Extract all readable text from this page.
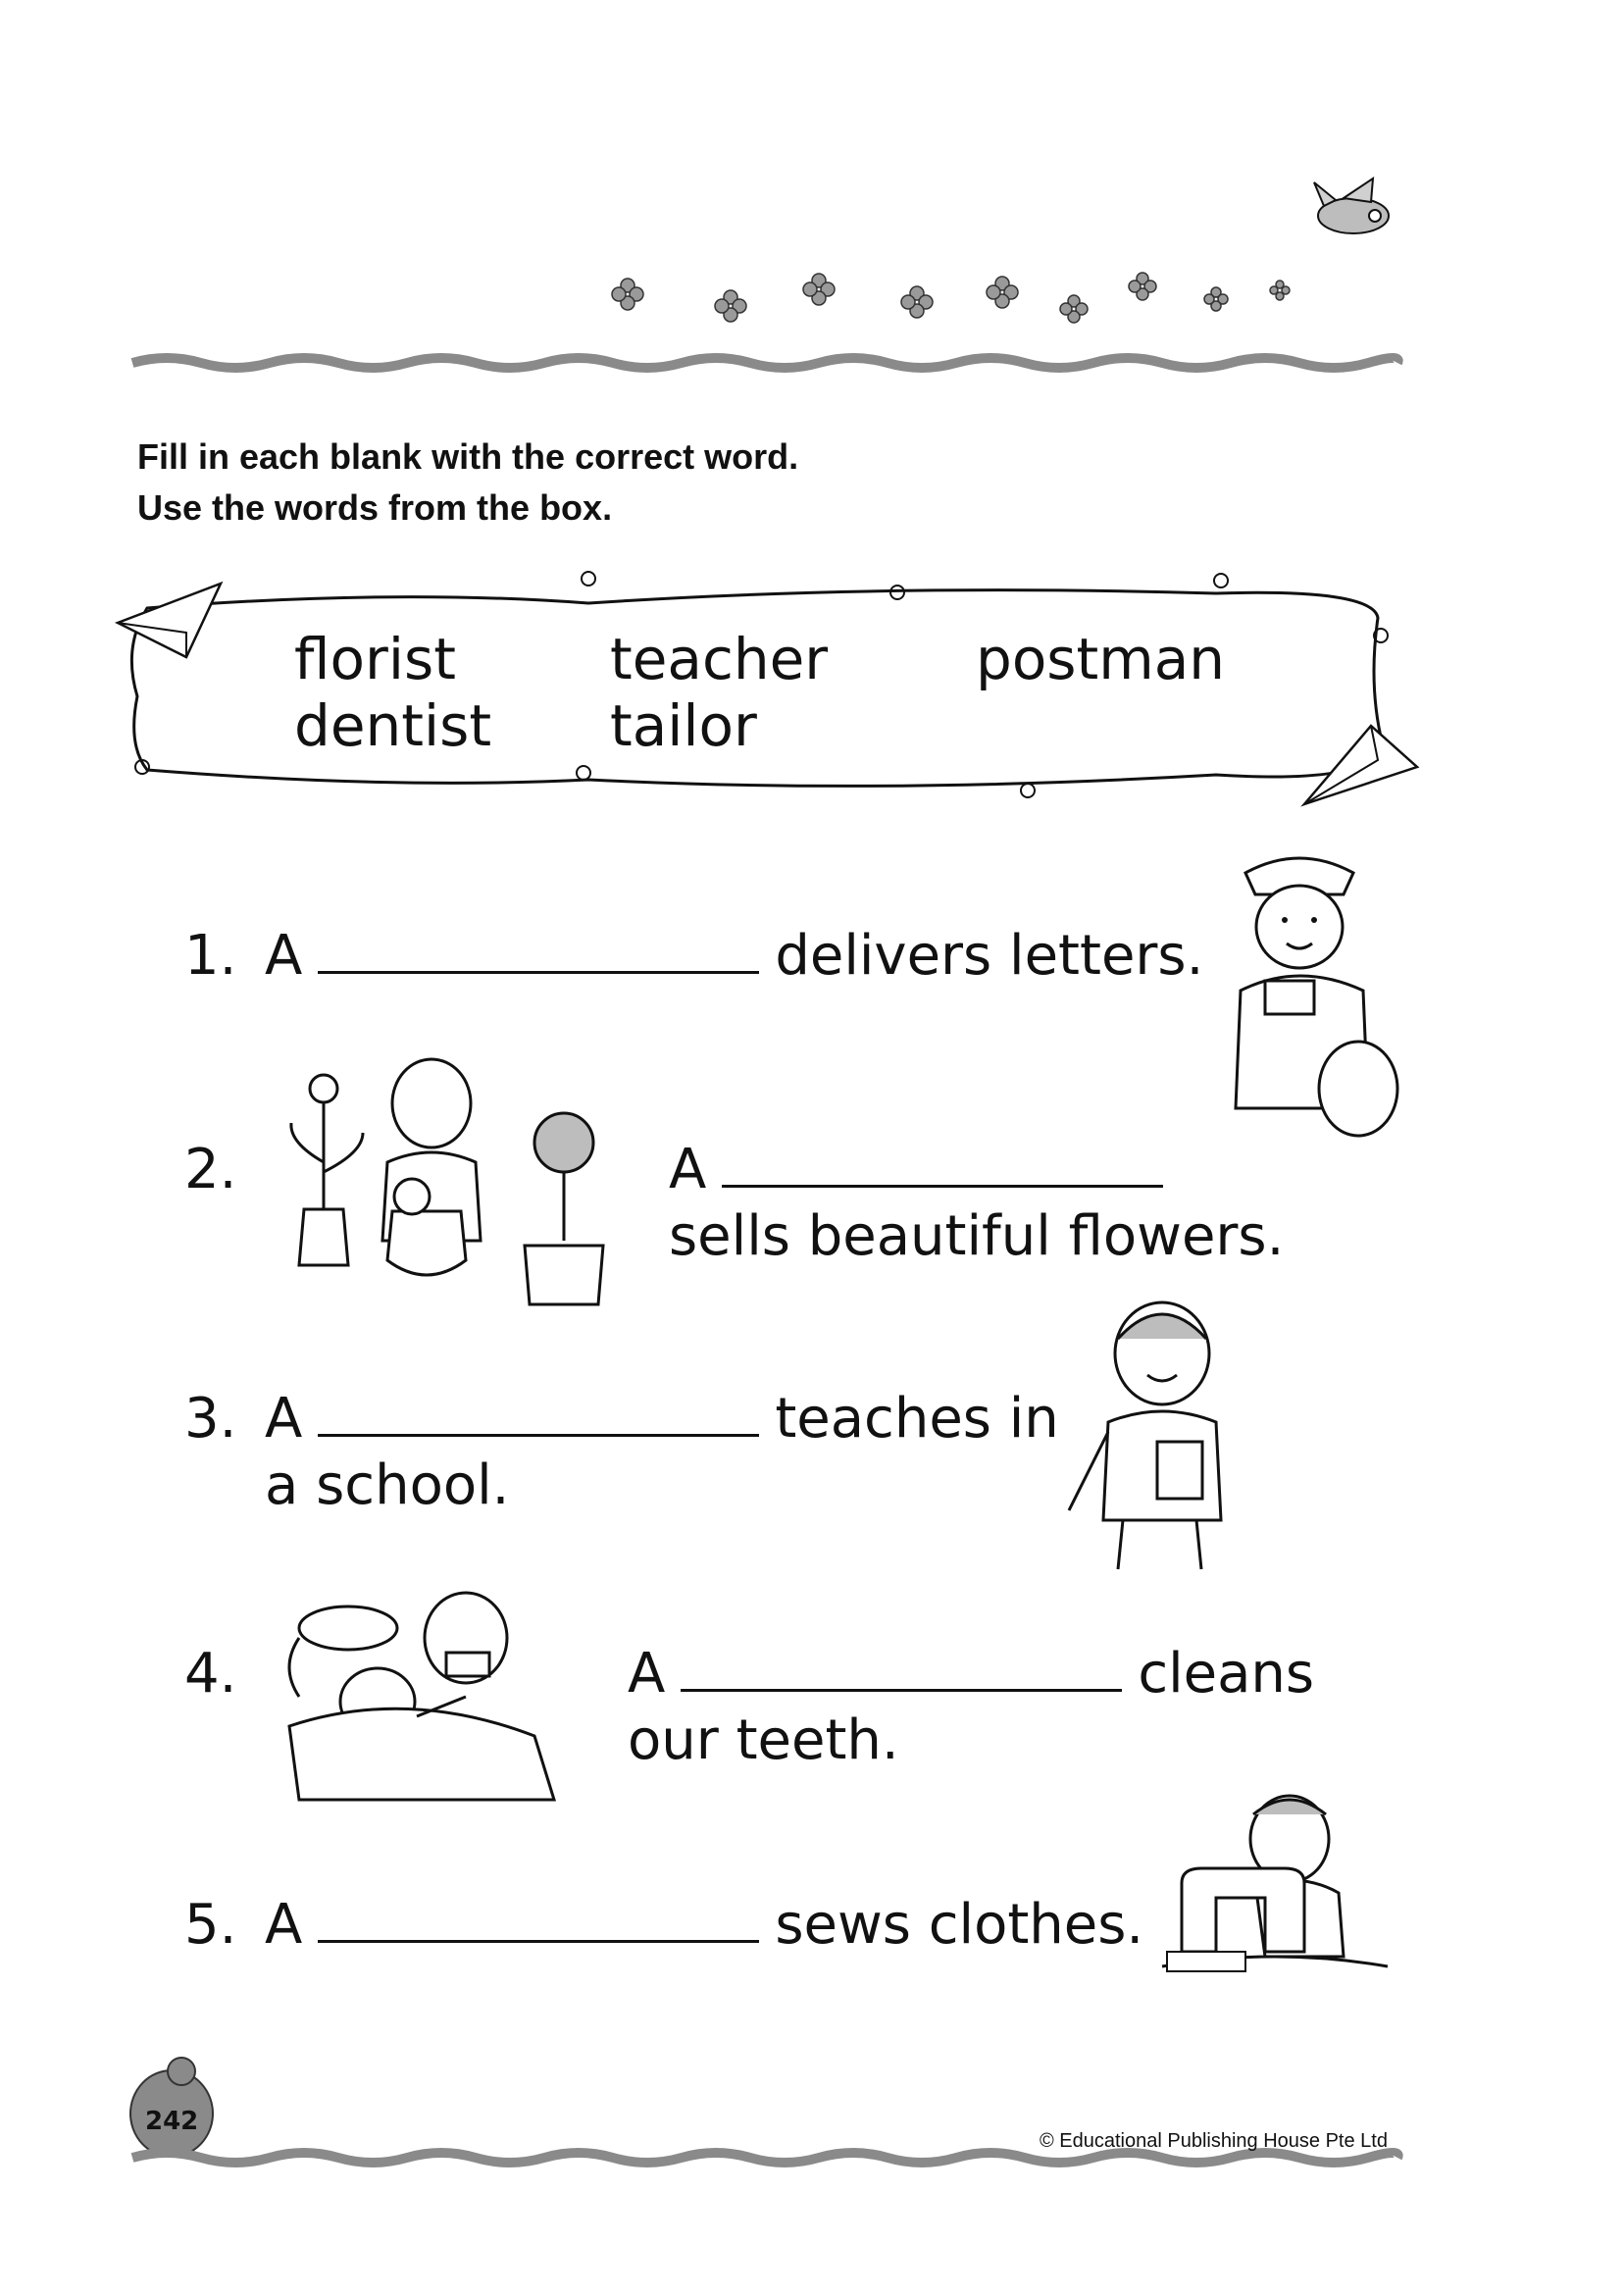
Fill in each blank with the correct word.
Use the words from the box.
florist	teacher	postman
dentist tailor
1. A	delivers letters.
2.	A
sells beautiful flowers.
3. A	teaches in
a school.
4.	A	cleans
our teeth.
5. A	sews clothes.
242
© Educational Publishing House Pte Ltd
